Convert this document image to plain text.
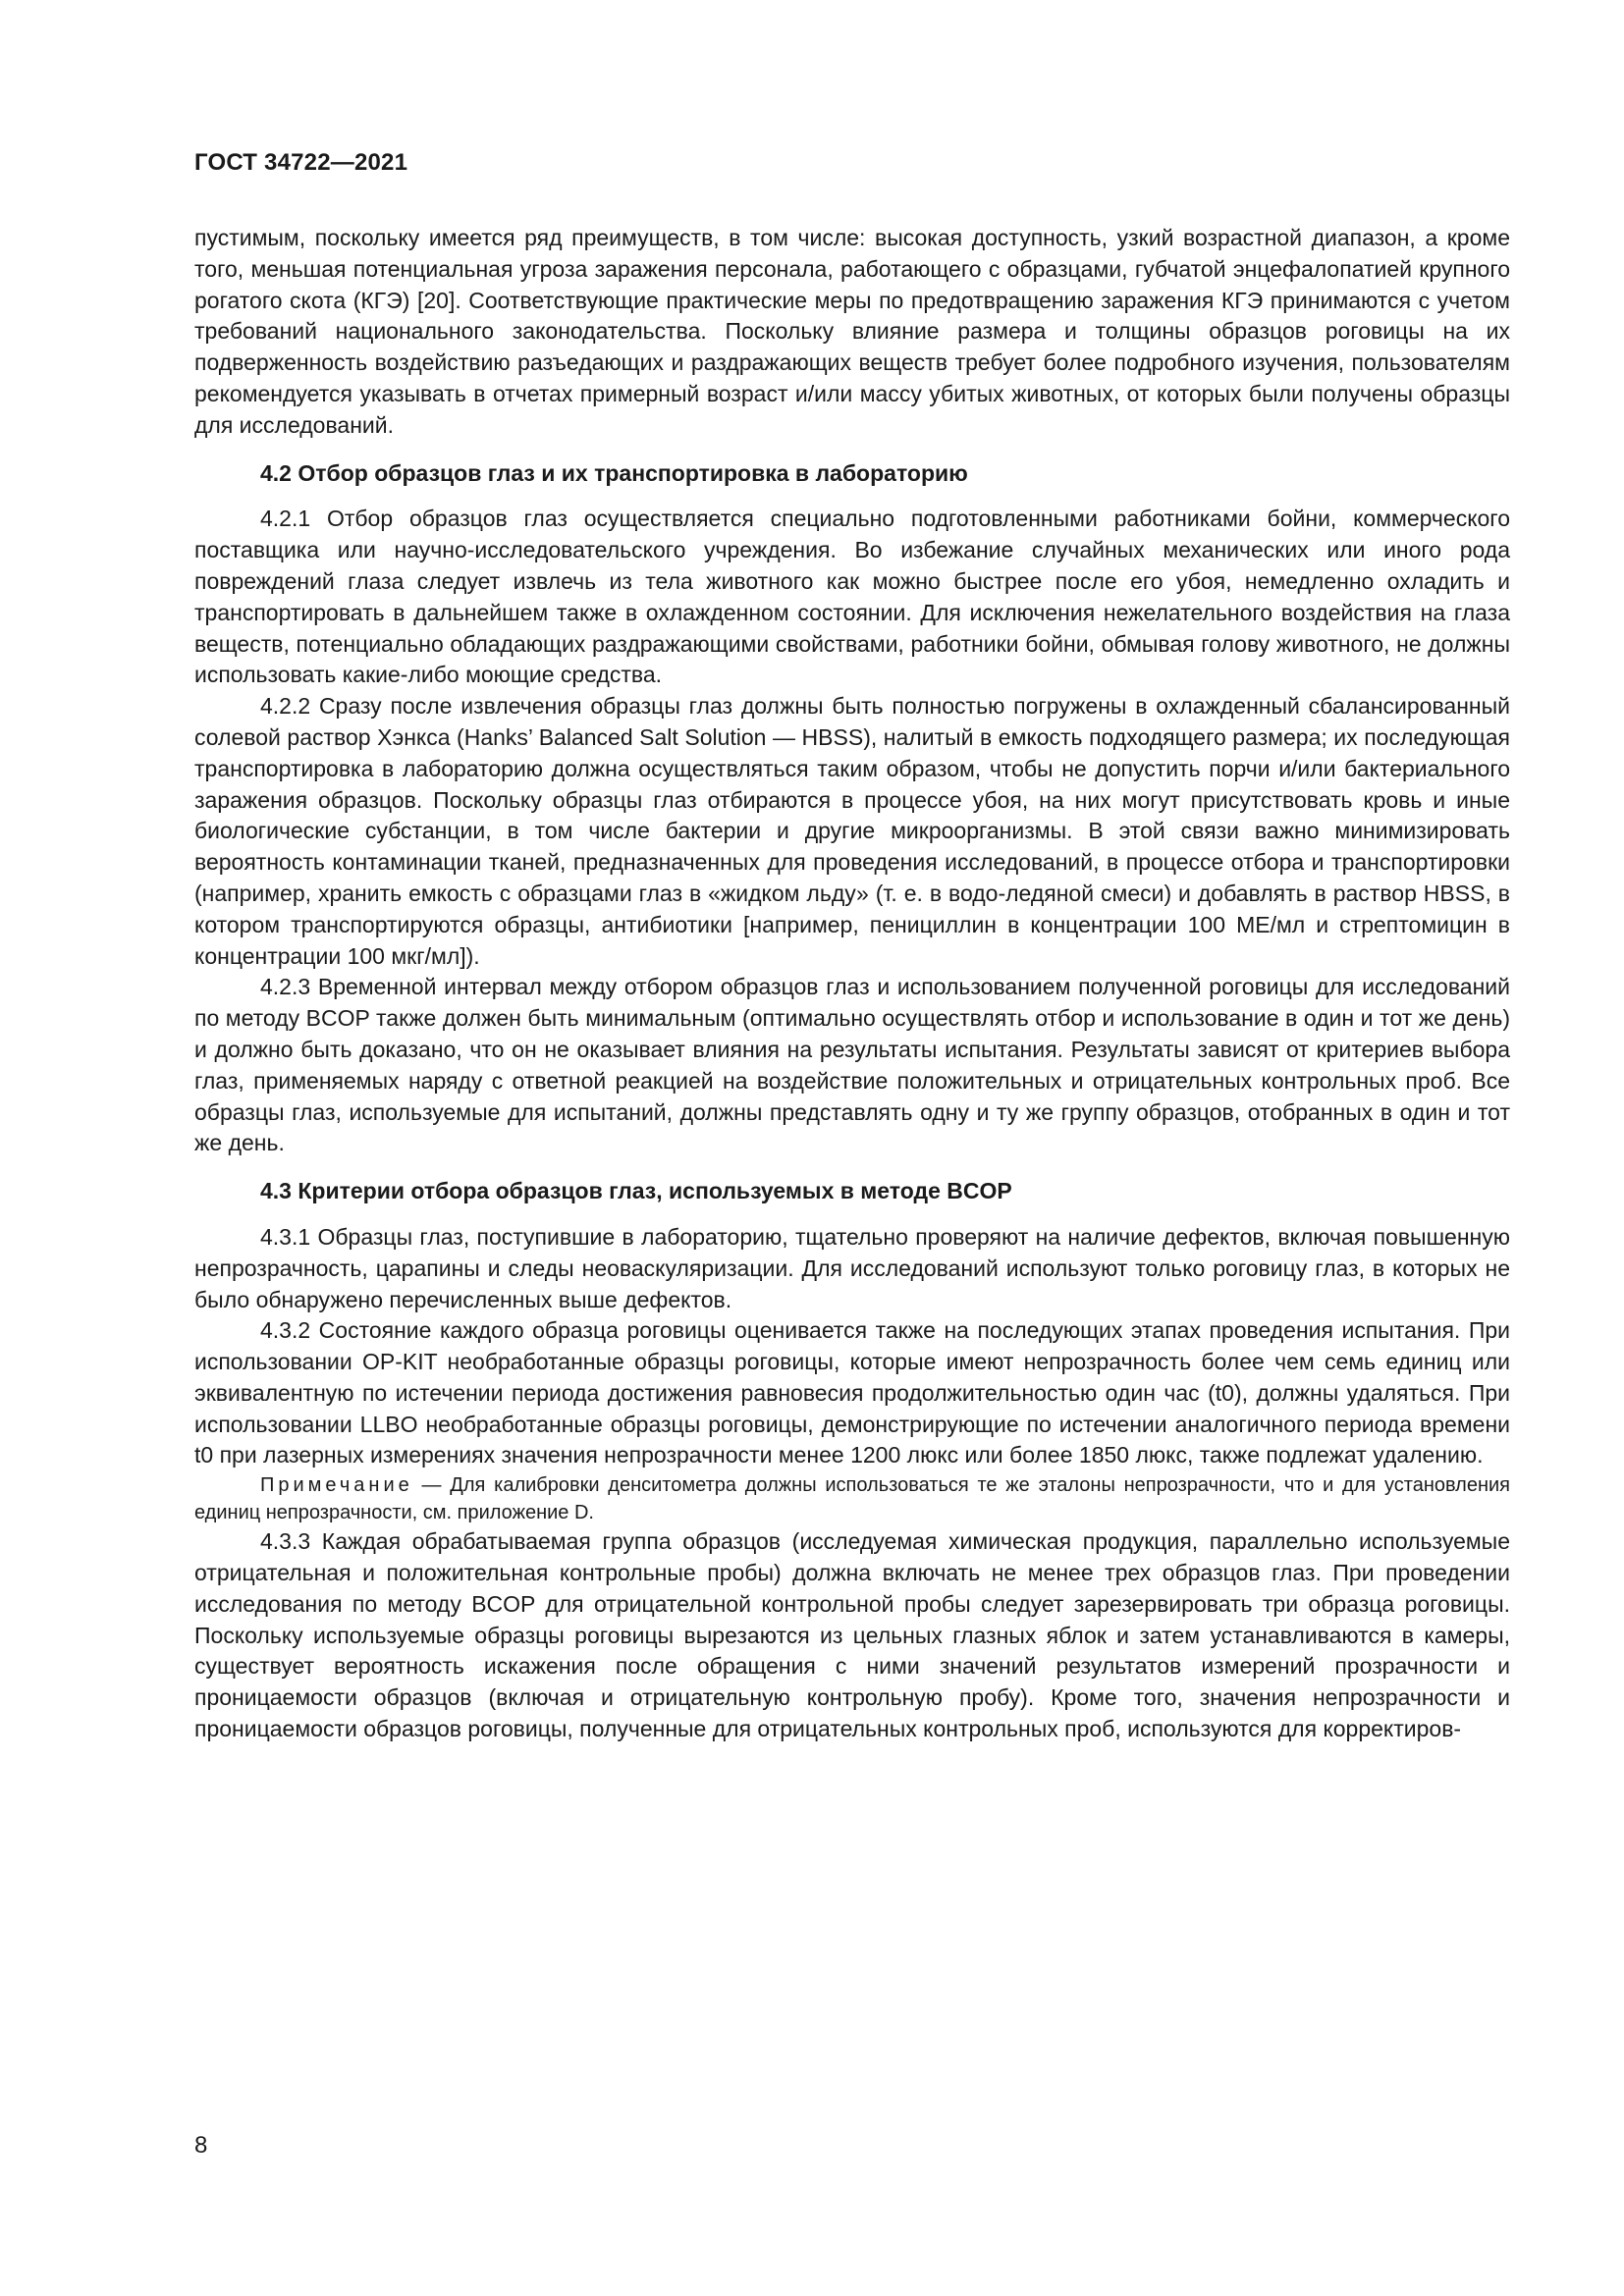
ГОСТ 34722—2021

пустимым, поскольку имеется ряд преимуществ, в том числе: высокая доступность, узкий возрастной диапазон, а кроме того, меньшая потенциальная угроза заражения персонала, работающего с образцами, губчатой энцефалопатией крупного рогатого скота (КГЭ) [20]. Соответствующие практические меры по предотвращению заражения КГЭ принимаются с учетом требований национального законодательства. Поскольку влияние размера и толщины образцов роговицы на их подверженность воздействию разъедающих и раздражающих веществ требует более подробного изучения, пользователям рекомендуется указывать в отчетах примерный возраст и/или массу убитых животных, от которых были получены образцы для исследований.

4.2 Отбор образцов глаз и их транспортировка в лабораторию

4.2.1 Отбор образцов глаз осуществляется специально подготовленными работниками бойни, коммерческого поставщика или научно-исследовательского учреждения. Во избежание случайных механических или иного рода повреждений глаза следует извлечь из тела животного как можно быстрее после его убоя, немедленно охладить и транспортировать в дальнейшем также в охлажденном состоянии. Для исключения нежелательного воздействия на глаза веществ, потенциально обладающих раздражающими свойствами, работники бойни, обмывая голову животного, не должны использовать какие-либо моющие средства.

4.2.2 Сразу после извлечения образцы глаз должны быть полностью погружены в охлажденный сбалансированный солевой раствор Хэнкса (Hanks’ Balanced Salt Solution — HBSS), налитый в емкость подходящего размера; их последующая транспортировка в лабораторию должна осуществляться таким образом, чтобы не допустить порчи и/или бактериального заражения образцов. Поскольку образцы глаз отбираются в процессе убоя, на них могут присутствовать кровь и иные биологические субстанции, в том числе бактерии и другие микроорганизмы. В этой связи важно минимизировать вероятность контаминации тканей, предназначенных для проведения исследований, в процессе отбора и транспортировки (например, хранить емкость с образцами глаз в «жидком льду» (т. е. в водо-ледяной смеси) и добавлять в раствор HBSS, в котором транспортируются образцы, антибиотики [например, пенициллин в концентрации 100 МЕ/мл и стрептомицин в концентрации 100 мкг/мл]).

4.2.3 Временной интервал между отбором образцов глаз и использованием полученной роговицы для исследований по методу BCOP также должен быть минимальным (оптимально осуществлять отбор и использование в один и тот же день) и должно быть доказано, что он не оказывает влияния на результаты испытания. Результаты зависят от критериев выбора глаз, применяемых наряду с ответной реакцией на воздействие положительных и отрицательных контрольных проб. Все образцы глаз, используемые для испытаний, должны представлять одну и ту же группу образцов, отобранных в один и тот же день.

4.3 Критерии отбора образцов глаз, используемых в методе BCOP

4.3.1 Образцы глаз, поступившие в лабораторию, тщательно проверяют на наличие дефектов, включая повышенную непрозрачность, царапины и следы неоваскуляризации. Для исследований используют только роговицу глаз, в которых не было обнаружено перечисленных выше дефектов.

4.3.2 Состояние каждого образца роговицы оценивается также на последующих этапах проведения испытания. При использовании OP-KIT необработанные образцы роговицы, которые имеют непрозрачность более чем семь единиц или эквивалентную по истечении периода достижения равновесия продолжительностью один час (t0), должны удаляться. При использовании LLBO необработанные образцы роговицы, демонстрирующие по истечении аналогичного периода времени t0 при лазерных измерениях значения непрозрачности менее 1200 люкс или более 1850 люкс, также подлежат удалению.

Примечание — Для калибровки денситометра должны использоваться те же эталоны непрозрачности, что и для установления единиц непрозрачности, см. приложение D.

4.3.3 Каждая обрабатываемая группа образцов (исследуемая химическая продукция, параллельно используемые отрицательная и положительная контрольные пробы) должна включать не менее трех образцов глаз. При проведении исследования по методу BCOP для отрицательной контрольной пробы следует зарезервировать три образца роговицы. Поскольку используемые образцы роговицы вырезаются из цельных глазных яблок и затем устанавливаются в камеры, существует вероятность искажения после обращения с ними значений результатов измерений прозрачности и проницаемости образцов (включая и отрицательную контрольную пробу). Кроме того, значения непрозрачности и проницаемости образцов роговицы, полученные для отрицательных контрольных проб, используются для корректиров-

8
